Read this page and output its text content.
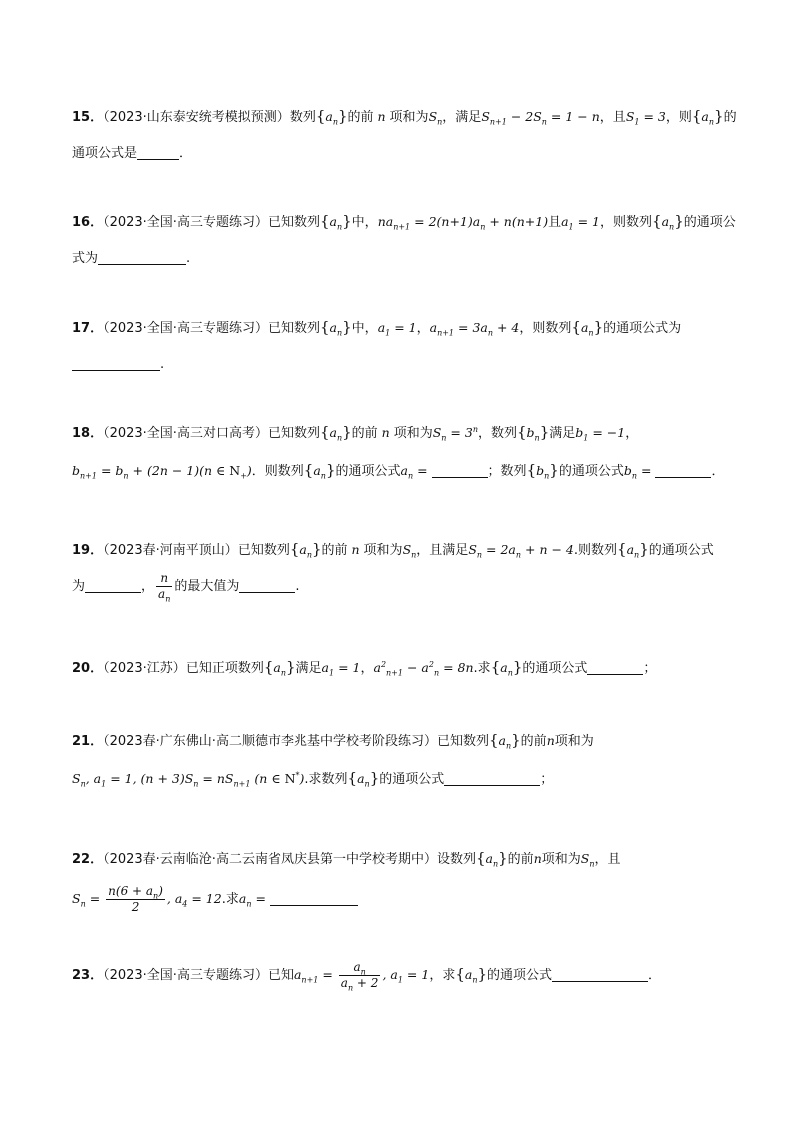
15．（2023·山东泰安统考模拟预测）数列$\{a_n\}$的前 n 项和为$S_n$，满足$S_{n+1} - 2S_n = 1 - n$，且$S_1 = 3$，则$\{a_n\}$的
通项公式是	．
16．（2023·全国·高三专题练习）已知数列$\{a_n\}$中，$na_{n+1} = 2(n+1)a_n + n(n+1)$且$a_1 = 1$，则数列$\{a_n\}$的通项公
式为	.
17．（2023·全国·高三专题练习）已知数列$\{a_n\}$中，$a_1 = 1$，$a_{n+1} = 3a_n + 4$，则数列$\{a_n\}$的通项公式为
.
18．（2023·全国·高三对口高考）已知数列$\{a_n\}$的前 n 项和为$S_n = 3^n$，数列$\{b_n\}$满足$b_1 = -1$，
$b_{n+1} = b_n + (2n - 1)(n$ ∈ $N_+$)．则数列$\{a_n\}$的通项公式$a_n$ =	；数列$\{b_n\}$的通项公式$b_n$ =	．
19．（2023春·河南平顶山）已知数列$\{a_n\}$的前 n 项和为$S_n$，且满足$S_n = 2a_n + n - 4$.则数列$\{a_n\}$的通项公式
为	， $\frac{n}{a_n}$ 的最大值为	.
20．（2023·江苏）已知正项数列$\{a_n\}$满足$a_1 = 1$，$a^2_{n+1} - a^2_n = 8n$.求$\{a_n\}$的通项公式	；
21．（2023春·广东佛山·高二顺德市李兆基中学校考阶段练习）已知数列$\{a_n\}$的前n项和为
$S_n$, $a_1 = 1$, $(n + 3)S_n = nS_{n+1}$ (n ∈ N*).求数列$\{a_n\}$的通项公式	；
22．（2023春·云南临沧·高二云南省凤庆县第一中学校考期中）设数列$\{a_n\}$的前n项和为$S_n$，且
$S_n = \frac{n(6 + a_n)}{2}$ , $a_4 = 12$.求$a_n$ =
23．（2023·全国·高三专题练习）已知$a_{n+1} = \frac{a_n}{a_n + 2}$ , $a_1 = 1$，求$\{a_n\}$的通项公式	．
